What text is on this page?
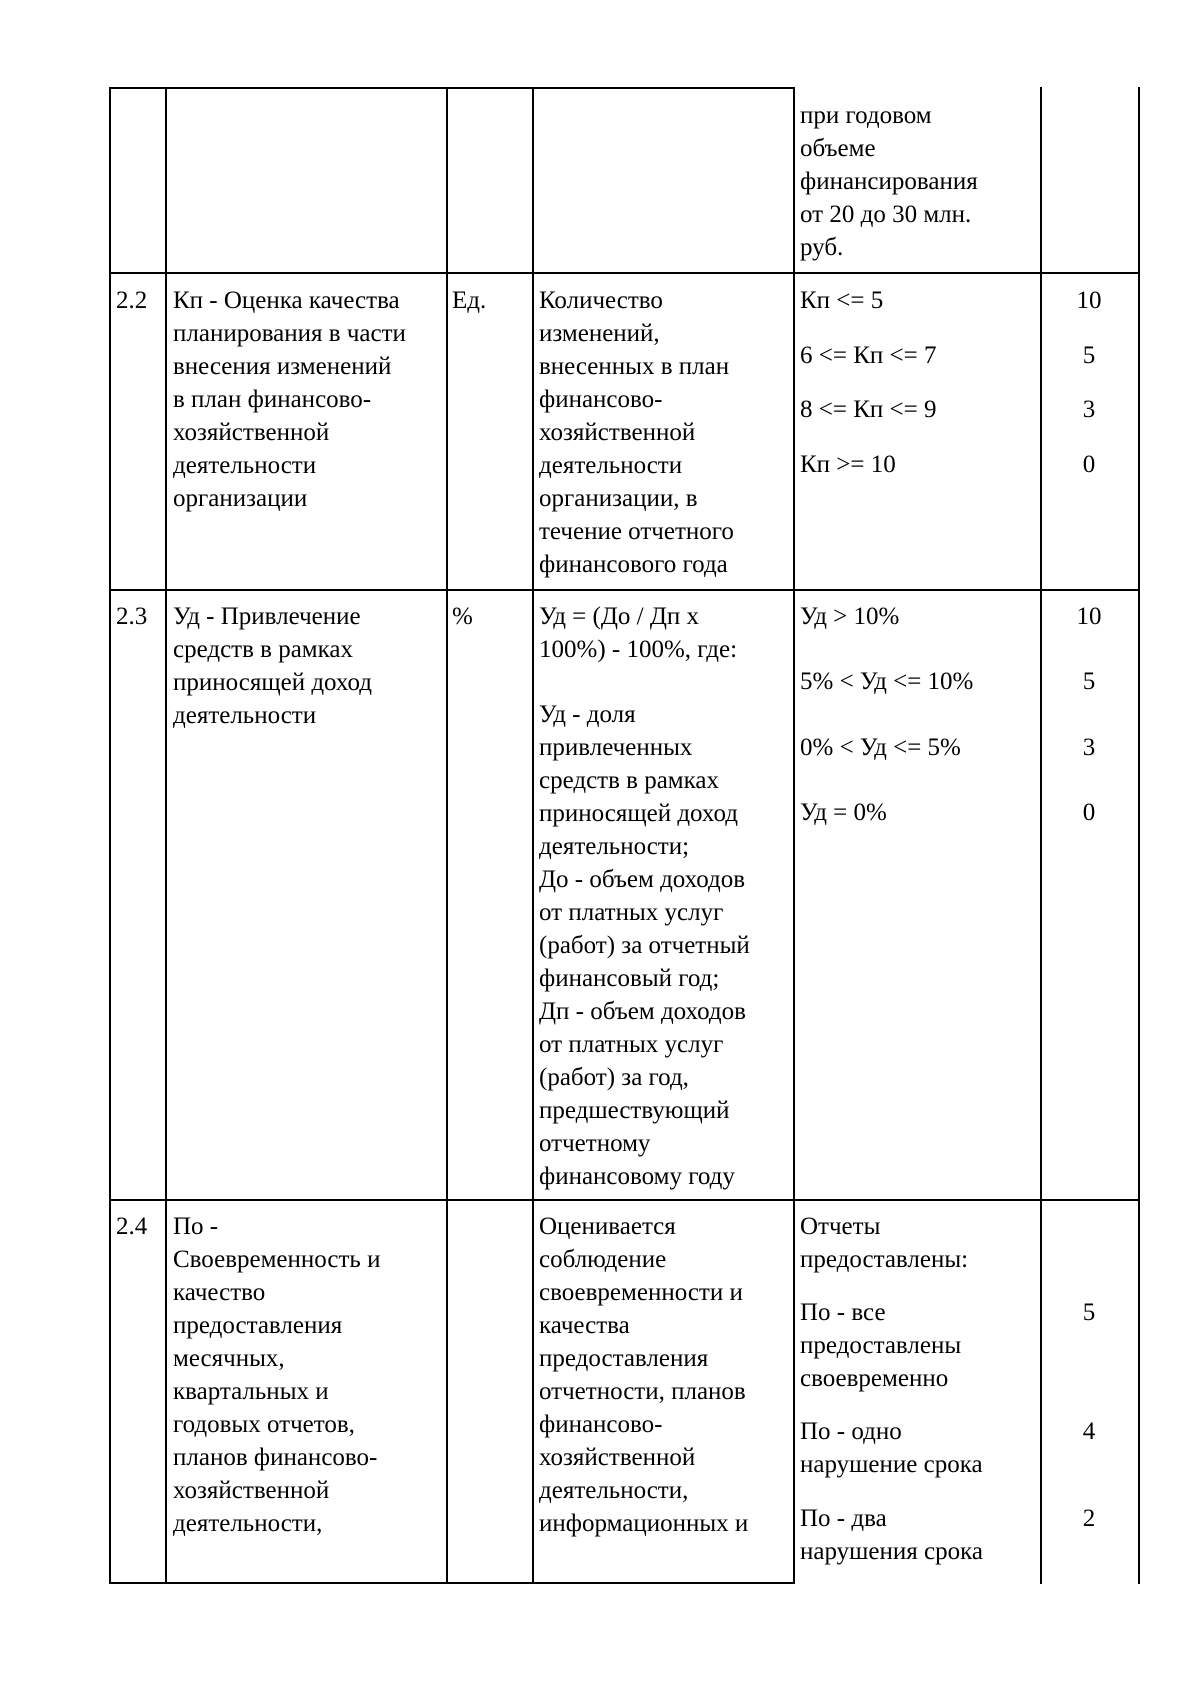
при годовом
объеме
финансирования
от 20 до 30 млн.
руб.
2.2 Кп - Оценка качества
планирования в части
внесения изменений
в план финансово-
хозяйственной
деятельности
организации
Ед. Количество
изменений,
внесенных в план
финансово-
хозяйственной
деятельности
организации, в
течение отчетного
финансового года
Кп <= 5
6 <= Кп <= 7
8 <= Кп <= 9
Кп >= 10
10
5
3
0
2.3 Уд - Привлечение
средств в рамках
приносящей доход
деятельности
%	Уд = (До / Дп x
100%) - 100%, где:
Уд - доля
привлеченных
средств в рамках
приносящей доход
деятельности;
До - объем доходов
от платных услуг
(работ) за отчетный
финансовый год;
Дп - объем доходов
от платных услуг
(работ) за год,
предшествующий
отчетному
финансовому году
Уд > 10%
5% < Уд <= 10%
0% < Уд <= 5%
Уд = 0%
10
5
3
0
2.4 По -
Своевременность и
качество
предоставления
месячных,
квартальных и
годовых отчетов,
планов финансово-
хозяйственной
деятельности,
Оценивается
соблюдение
своевременности и
качества
предоставления
отчетности, планов
финансово-
хозяйственной
деятельности,
информационных и
Отчеты
предоставлены:
По - все
предоставлены
своевременно
По - одно
нарушение срока
По - два
нарушения срока
5
4
2
